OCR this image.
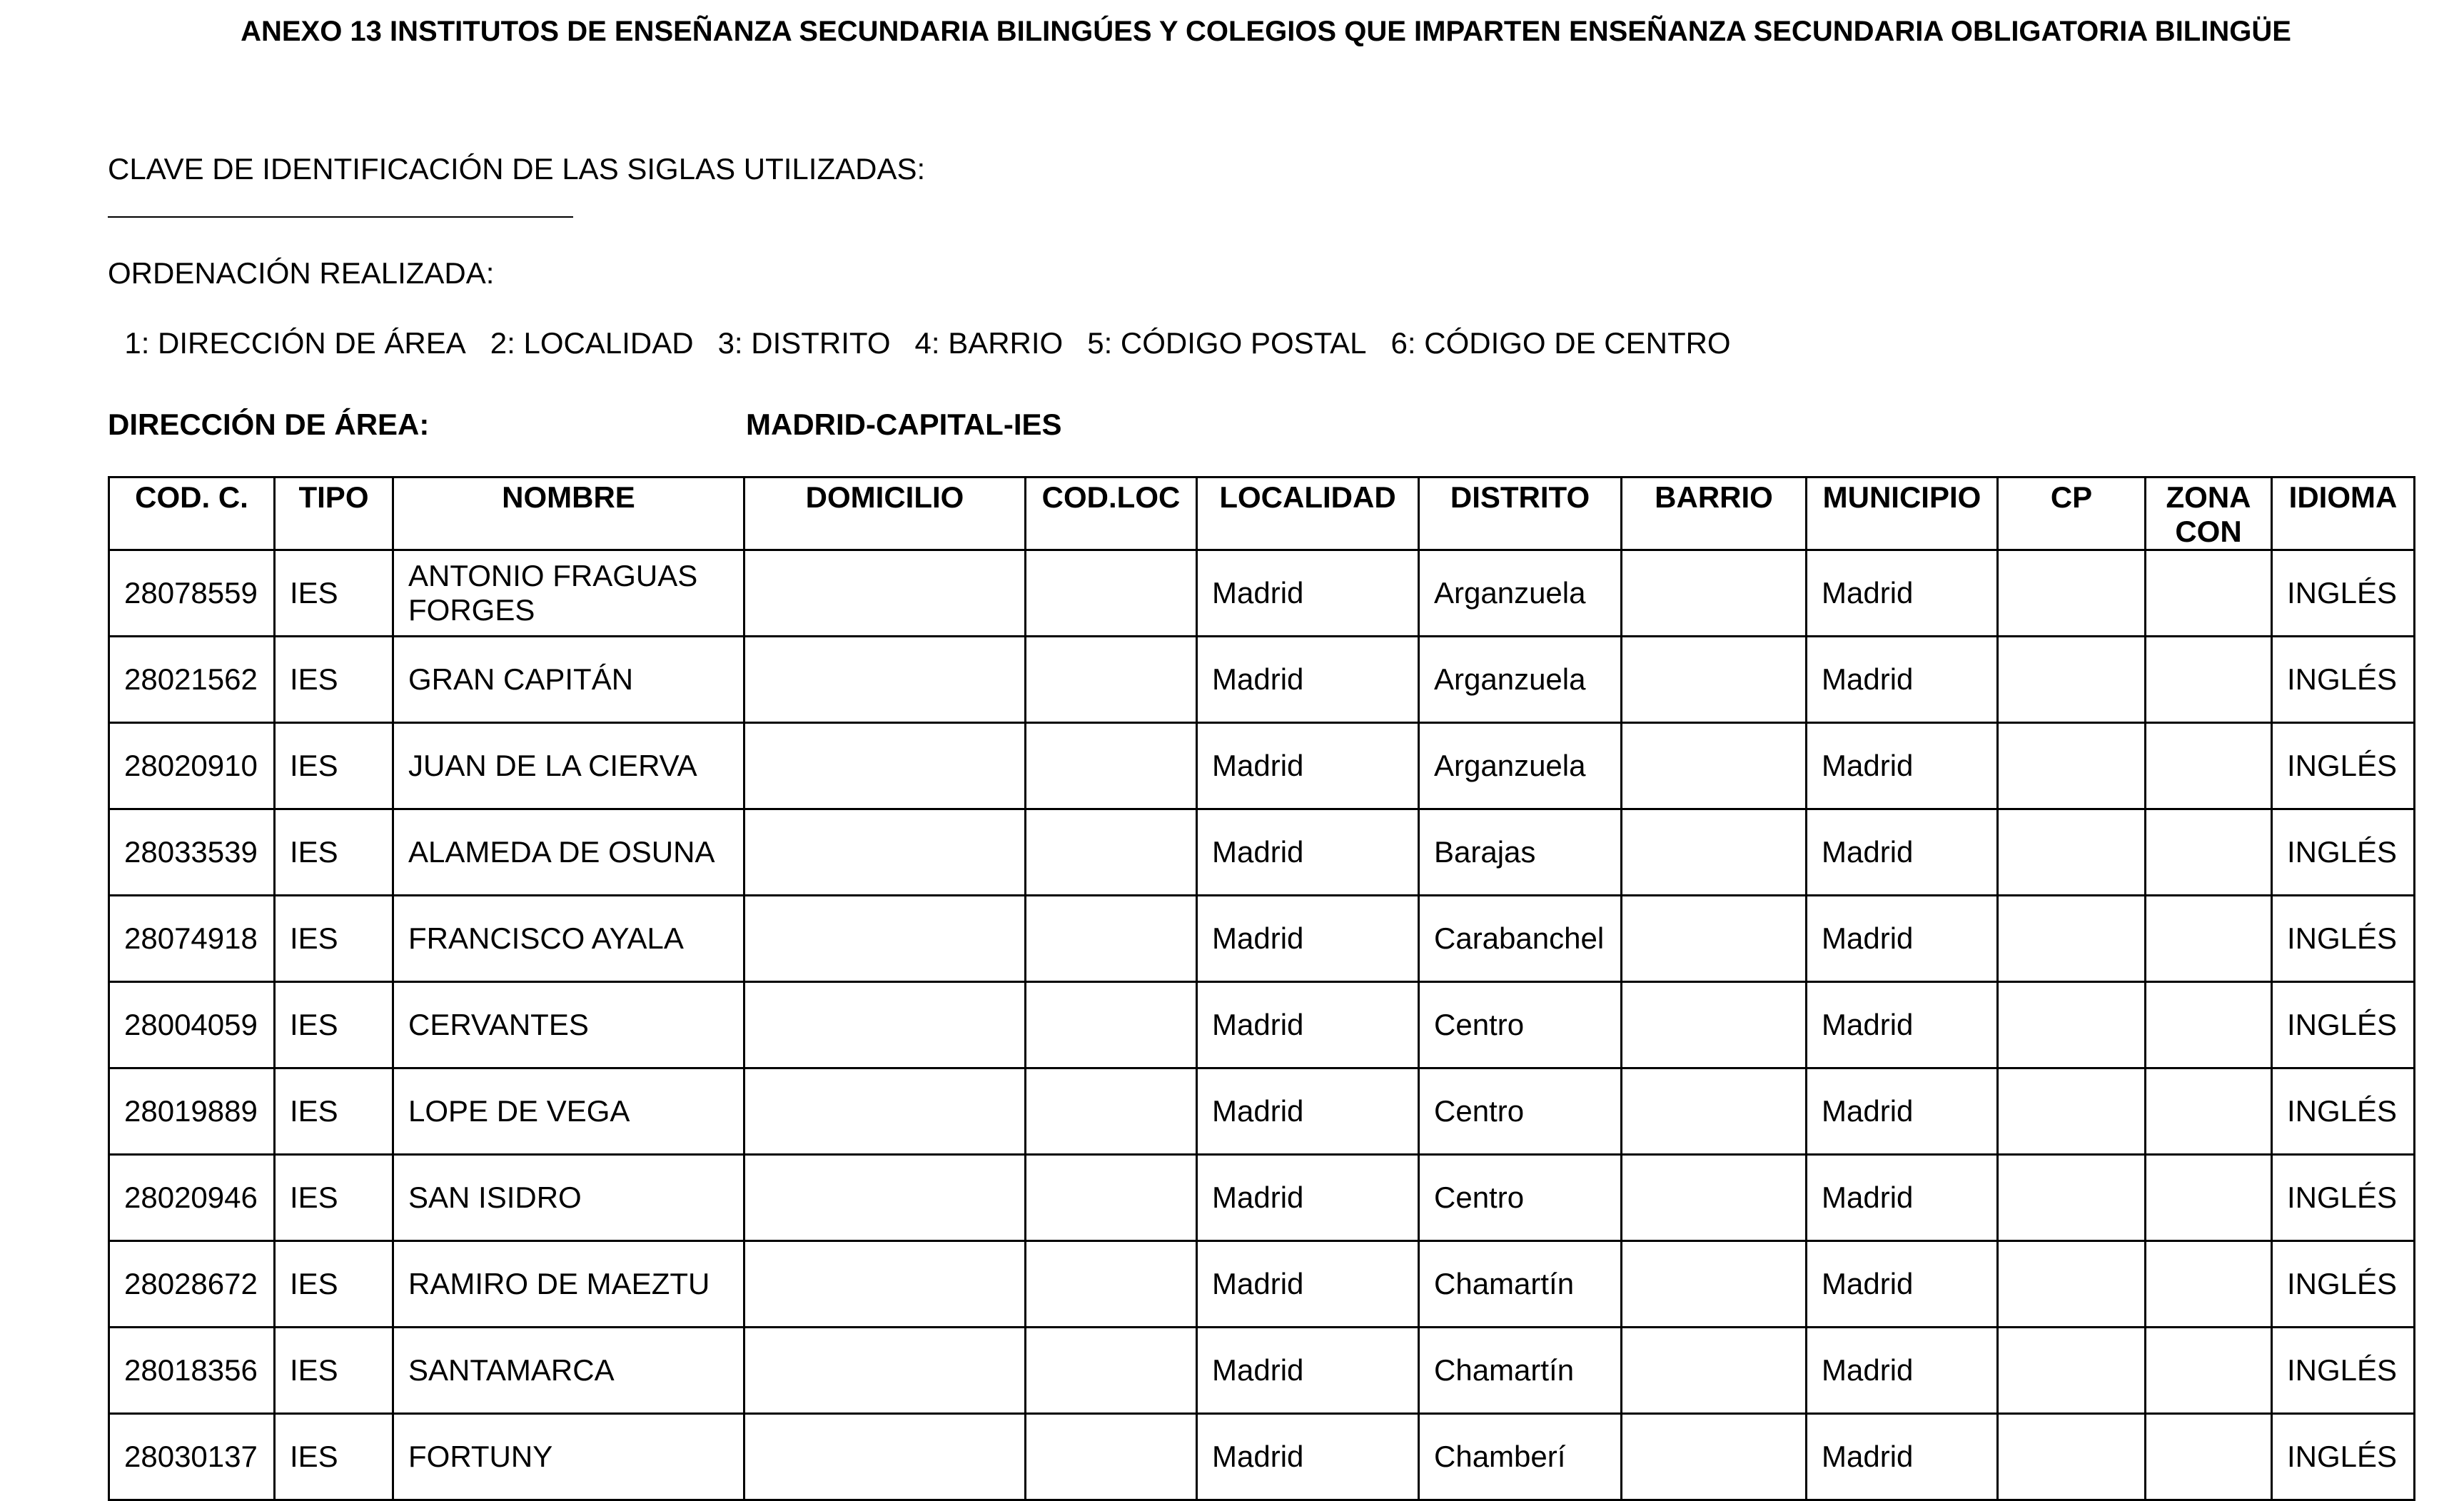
ANEXO 13 INSTITUTOS DE ENSEÑANZA SECUNDARIA BILINGÚES Y COLEGIOS QUE IMPARTEN ENSEÑANZA SECUNDARIA OBLIGATORIA BILINGÜE
CLAVE DE IDENTIFICACIÓN DE LAS SIGLAS UTILIZADAS:
ORDENACIÓN REALIZADA:

1: DIRECCIÓN DE ÁREA 2: LOCALIDAD 3: DISTRITO 4: BARRIO 5: CÓDIGO POSTAL 6: CÓDIGO DE CENTRO

DIRECCIÓN DE ÁREA:	MADRID-CAPITAL-IES
COD. C.	TIPO	NOMBRE	DOMICILIO	COD.LOC	LOCALIDAD	DISTRITO	BARRIO	MUNICIPIO	CP	ZONA CON	IDIOMA
28078559	IES	ANTONIO FRAGUAS FORGES			Madrid	Arganzuela		Madrid			INGLÉS
28021562	IES	GRAN CAPITÁN			Madrid	Arganzuela		Madrid			INGLÉS
28020910	IES	JUAN DE LA CIERVA			Madrid	Arganzuela		Madrid			INGLÉS
28033539	IES	ALAMEDA DE OSUNA			Madrid	Barajas		Madrid			INGLÉS
28074918	IES	FRANCISCO AYALA			Madrid	Carabanchel		Madrid			INGLÉS
28004059	IES	CERVANTES			Madrid	Centro		Madrid			INGLÉS
28019889	IES	LOPE DE VEGA			Madrid	Centro		Madrid			INGLÉS
28020946	IES	SAN ISIDRO			Madrid	Centro		Madrid			INGLÉS
28028672	IES	RAMIRO DE MAEZTU			Madrid	Chamartín		Madrid			INGLÉS
28018356	IES	SANTAMARCA			Madrid	Chamartín		Madrid			INGLÉS
28030137	IES	FORTUNY			Madrid	Chamberí		Madrid			INGLÉS
